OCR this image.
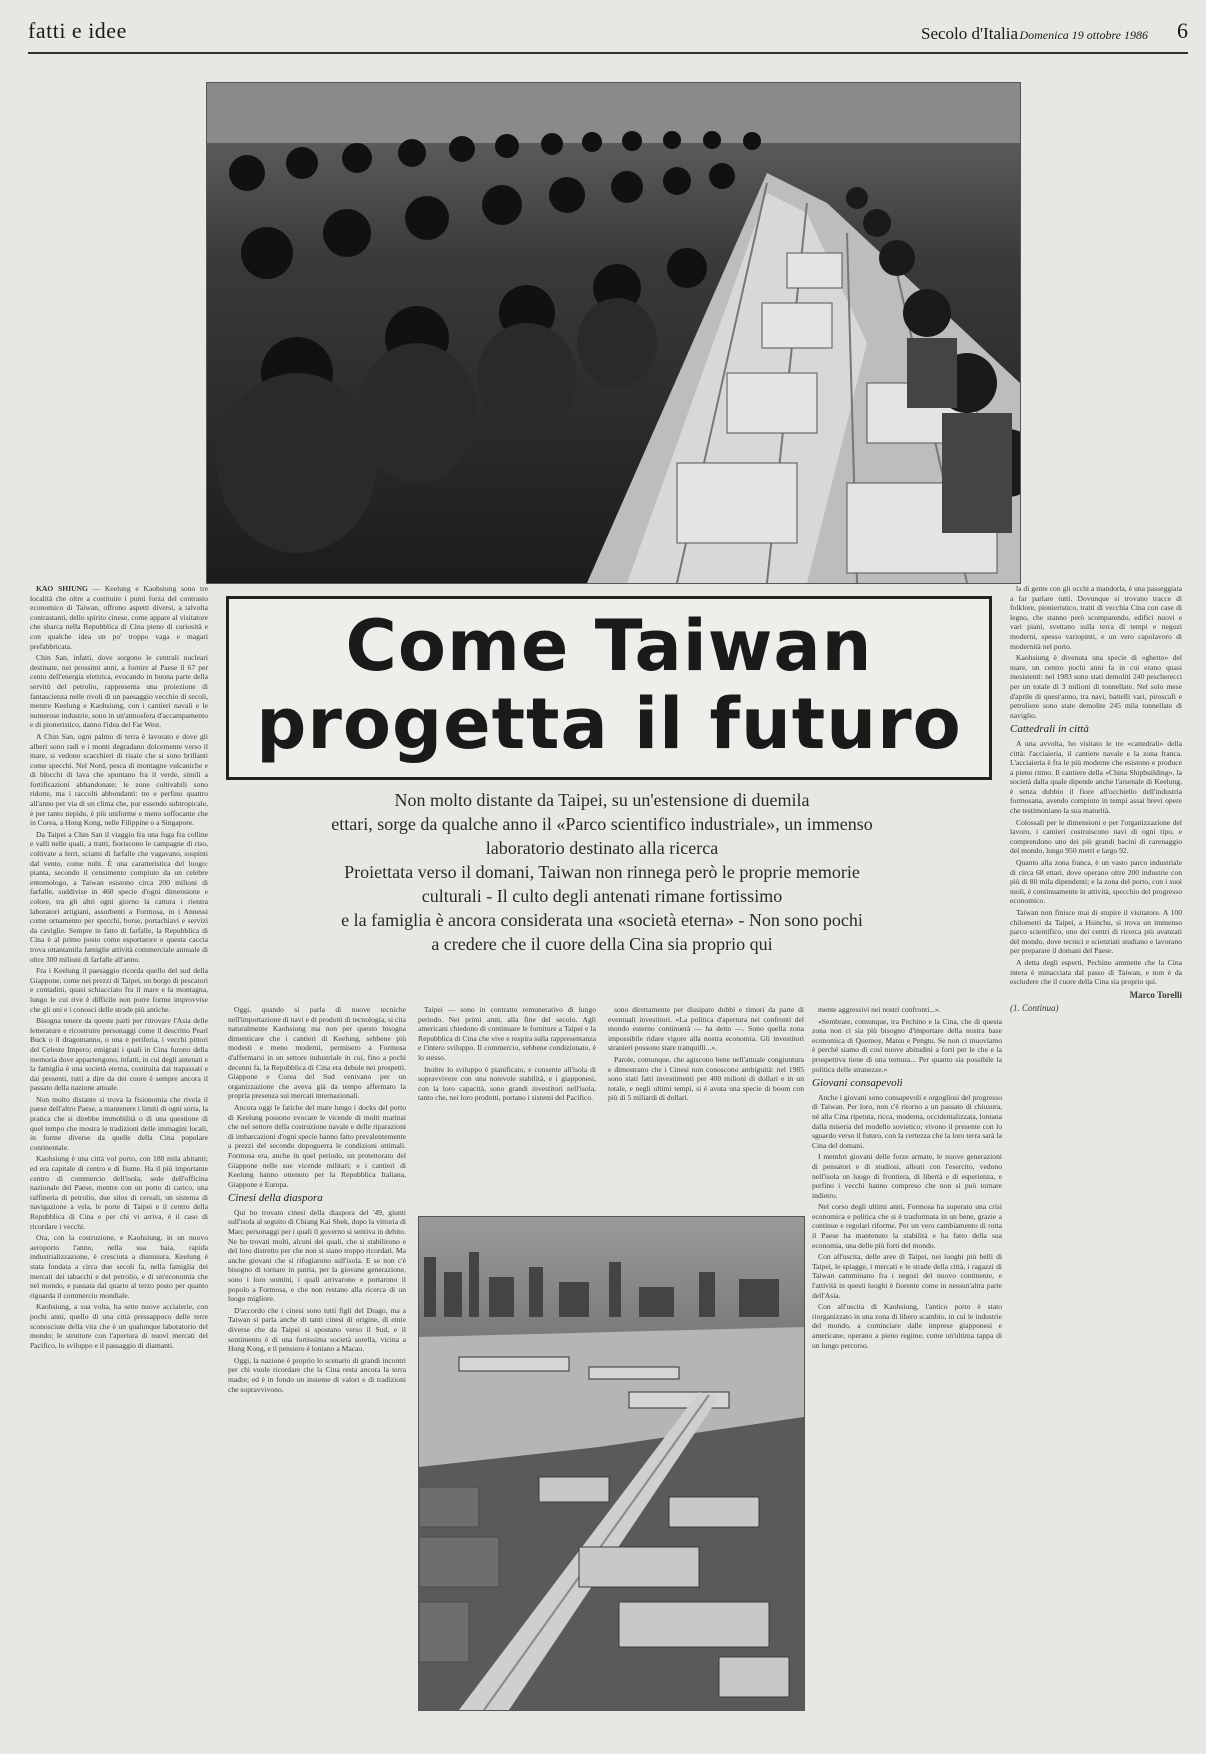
fatti e idee	Secolo d'Italia Domenica 19 ottobre 1986 6
Come Taiwan
progetta il futuro

Non molto distante da Taipei, su un'estensione di duemila

ettari, sorge da qualche anno il «Parco scientifico industriale», un immenso

laboratorio destinato alla ricerca

Proiettata verso il domani, Taiwan non rinnega però le proprie memorie

culturali - Il culto degli antenati rimane fortissimo

e la famiglia è ancora considerata una «società eterna» - Non sono pochi

a credere che il cuore della Cina sia proprio qui

KAO SHIUNG — Keelung e Kaohsiung sono tre località che oltre a costituire i punti forza del contrasto economico di Taiwan, offrono aspetti diversi, a talvolta contrastanti, dello spirito cinese, come appare al visitatore che sbarca nella Repubblica di Cina pieno di curiosità e con qualche idea un po' troppo vaga e magari prefabbricata.

Chin San, infatti, dove sorgono le centrali nucleari destinate, nei prossimi anni, a fornire al Paese il 67 per cento dell'energia elettrica, evocando in buona parte della servitù del petrolio, rappresenta una proiezione di fantascienza nelle rivoli di un paesaggio vecchio di secoli, mentre Keelung e Kaohsiung, con i cantieri navali e le numerose industrie, sono in un'atmosfera d'accampamento e di pioneristico, danno l'idea del Far West.

A Chin San, ogni palmo di terra è lavorato e dove gli alberi sono radi e i monti degradano dolcemente verso il mare, si vedono scacchieri di risaie che si sono brillanti come specchi. Nel Nord, pesca di montagne vulcaniche e di blocchi di lava che spuntano fra il verde, simili a fortificazioni abbandonate; le zone coltivabili sono ridotte, ma i raccolti abbondanti: tre e perfino quattro all'anno per via di un clima che, pur essendo subtropicale, è per tanto tiepido, è più uniforme e meno soffocante che in Corea, a Hong Kong, nelle Filippine o a Singapore.

Da Taipei a Chin San il viaggio fra una fuga fra colline e valli nelle quali, a tratti, fioriscono le campagne di riso, coltivate a ferri, sciami di farfalle che vagavano, sospinti dal vento, come nubi. È una caratteristica del luogo: pianta, secondo il censimento compiuto da un celebre entomologo, a Taiwan esistono circa 200 milioni di farfalle, suddivise in 460 specie d'ogni dimensione e colore, tra gli altri ogni giorno la cattura i rientra laboratori artigiani, assorbenti a Formosa, in i Annessi come ornamento per specchi, borse, portachiavi e servizi da caviglie. Sempre in fatto di farfalle, la Repubblica di Cina è al primo posto come esportatore e questa caccia trova ottantamila famiglie attività commerciale annuale di oltre 300 milioni di farfalle all'anno.

Fra i Keelung il paesaggio ricorda quello del sud della Giappone, come nei prezzi di Taipei, un borgo di pescatori e contadini, quasi schiacciato fra il mare e la montagna, lungo le cui rive è difficile non porre forme improvvise che gli uni e i conosci delle strade più antiche.

Bisogna tenere da queste parti per ritrovare l'Asia delle letterature e ricostruire personaggi come il descritto Pearl Buck o il dragomanno, o una e periferia, i vecchi pittori del Celeste Impero; emigrati i quali in Cina furono della memoria dove appartengono, infatti, in cui degli antenati e la famiglia è una società eterna, costituita dai trapassati e dai presenti, tutti a dire da dei cuore è sempre ancora il passato della nazione attuale.

Non molto distante si trova la fisionomia che rivela il paese dell'altro Paese, a mantenere i limiti di ogni sorta, la pratica che si direbbe immobilità o di una questione di quel tempo che mostra le tradizioni delle immagini locali, in forme diverse da quelle della Cina popolare continentale.

Kaohsiung è una città vol porto, con 180 mila abitanti; ed era capitale di centro e di fiume. Ha il più importante centro di commercio dell'isola, sede dell'officina nazionale del Paese, mentre con un porto di carico, una raffineria di petrolio, due silos di cereali, un sistema di navigazione a vela, le porte di Taipei e il centro della Repubblica di Cina e per chi vi arriva, è il caso di ricordare i vecchi.

Ora, con la costruzione, e Kaohsiung, in un nuovo aeroporto l'anno, nella sua baia, rapida industrializzazione, è cresciuta a dismisura. Keelung è stata fondata a circa due secoli fa, nella famiglia dei mercati dei tabacchi e del petrolio, e di un'economia che nel mondo, e passata dal quarto al terzo posto per quanto riguarda il commercio mondiale.

Kaohsiung, a sua volta, ha sette nuove acciaierie, con pochi anni, quello di una città pressappoco delle terre sconosciute della vita che è un qualunque laboratorio del mondo; le strutture con l'apertura di nuovi mercati del Pacifico, lo sviluppo e il passaggio di diamanti.

Oggi, quando si parla di nuove tecniche nell'importazione di navi e di prodotti di tecnologia, si cita naturalmente Kaohsiung ma non per questo bisogna dimenticare che i cantieri di Keelung, sebbene più modesti e meno moderni, permisero a Formosa d'affermarsi in un settore industriale in cui, fino a pochi decenni fa, la Repubblica di Cina era debole nei prospetti. Giappone e Corea del Sud venivano per un organizzazione che aveva già da tempo affermato la propria presenza sui mercati internazionali.

Ancora oggi le fatiche del mare lungo i docks del porto di Keelung possono evocare le vicende di molti marinai che nel settore della costruzione navale e delle riparazioni di imbarcazioni d'ogni specie hanno fatto prevalentemente a prezzi del secondo dopoguerra le condizioni ottimali. Formosa era, anche in quel periodo, un protettorato del Giappone nelle sue vicende militari; e i cantieri di Keelung hanno ottenuto per la Repubblica Italiana, Giappone e Europa.

Cinesi della diaspora

Qui ho trovato cinesi della diaspora del '49, giunti sull'isola al seguito di Chiang Kai Shek, dopo la vittoria di Mao; personaggi per i quali il governo si sentiva in debito. Ne ho trovati molti, alcuni dei quali, che si stabilirono e del loro distretto per che non si siano troppo ricordati. Ma anche giovani che si rifugiarono sull'isola. E se non c'è bisogno di tornare in patria, per la giovane generazione, sono i loro uomini, i quali arrivarono e portarono il popolo a Formosa, e che non restano alla ricerca di un luogo migliore.

D'accordo che i cinesi sono tutti figli del Drago, ma a Taiwan si parla anche di tanti cinesi di origine, di etnie diverse che da Taipei si spostano verso il Sud, e il sentimento è di una fortissima società sorella, vicina a Hong Kong, e il pensiero è lontano a Macao.

Oggi, la nazione è proprio lo scenario di grandi incontri per chi vuole ricordare che la Cina resta ancora la terra madre; ed è in fondo un insieme di valori e di tradizioni che sopravvivono.

Taipei — sono in contratto remunerativo di lungo periodo. Nei primi anni, alla fine del secolo. Agli americani chiedono di continuare le forniture a Taipei e la Repubblica di Cina che vive e respira sulla rappresentanza e l'intero sviluppo. Il commercio, sebbene condizionato, è lo stesso.

Inoltre lo sviluppo è pianificato, e consente all'isola di sopravvivere con una notevole stabilità, e i giapponesi, con la loro capacità, sono grandi investitori nell'isola, tanto che, nei loro prodotti, portano i sistemi del Pacifico.

sono direttamente per dissipare dubbi e timori da parte di eventuali investitori. «La politica d'apertura nei confronti del mondo esterno continuerà — ha detto —. Sono quella zona impossibile ridare vigore alla nostra economia. Gli investitori stranieri possono stare tranquilli...».

Parole, comunque, che agiscono bene nell'attuale congiuntura e dimostrano che i Cinesi non conoscono ambiguità: nel 1985 sono stati fatti investimenti per 400 milioni di dollari e in un totale, e negli ultimi tempi, si è avuta una specie di boom con più di 5 miliardi di dollari.

mente aggressivi nei nostri confronti...».

«Sembrate, comunque, tra Pechino e la Cina, che di questa zona non ci sia più bisogno d'importare della nostra base economica di Quemoy, Matsu e Pengtu. Se non ci muoviamo è perché siamo di così nuove abitudini a forti per le che e la prospettiva tiene di una ternura... Per quanto sia possibile la politica delle stranezze.»

Giovani consapevoli

Anche i giovani sono consapevoli e orgogliosi del progresso di Taiwan. Per loro, non c'è ritorno a un passato di chiusura, né alla Cina ripetuta, ricca, moderna, occidentalizzata, lontana dalla miseria del modello sovietico; vivono il presente con lo sguardo verso il futuro, con la certezza che la loro terra sarà la Cina del domani.

I membri giovani delle forze armate, le nuove generazioni di pensatori e di studiosi, alleati con l'esercito, vedono nell'isola un luogo di frontiera, di libertà e di esperienza, e perfino i vecchi hanno compreso che non si può tornare indietro.

Nel corso degli ultimi anni, Formosa ha superato una crisi economica e politica che si è trasformata in un bene, grazie a continue e regolari riforme. Per un vero cambiamento di rotta il Paese ha mantenuto la stabilità e ha fatto della sua economia, una delle più forti del mondo.

Con all'uscita, delle aree di Taipei, nei luoghi più belli di Taipei, le spiagge, i mercati e le strade della città, i ragazzi di Taiwan camminano fra i negozi del nuovo continente, e l'attività in questi luoghi è fiorente come in nessun'altra parte dell'Asia.

Con all'uscita di Kaohsiung, l'antico porto è stato riorganizzato in una zona di libero scambio, in cui le industrie del mondo, a cominciare dalle imprese giapponesi e americane, operano a pieno regime, come un'ultima tappa di un lungo percorso.

la di gente con gli occhi a mandorla, è una passeggiata a far parlare tutti. Dovunque si trovano tracce di folklore, pionieristico, tratti di vecchia Cina con case di legno, che stanno però scomparendo, edifici nuovi e vari piani, svettano sulla terra di tempi e negozi moderni, spesso variopinti, e un vero capolavoro di modernità nel porto.

Kaohsiung è divenuta una specie di «ghetto» del mare, un centro pochi anni fa in cui erano quasi inesistenti: nel 1983 sono stati demoliti 240 pescherecci per un totale di 3 milioni di tonnellate. Nel solo mese d'aprile di quest'anno, tra navi, battelli vari, piroscafi e petroliere sono state demolite 245 mila tonnellate di naviglio.

Cattedrali in città

A una avvolta, ho visitato le tre «cattedrali» della città: l'acciaieria, il cantiere navale e la zona franca. L'acciaieria è fra le più moderne che esistono e produce a pieno ritmo. Il cantiere della «China Shipbuilding», la società dalla quale dipende anche l'arsenale di Keelung, è senza dubbio il fiore all'occhiello dell'industria formosana, avendo compiuto in tempi assai brevi opere che testimoniano la sua maturità.

Colossali per le dimensioni e per l'organizzazione del lavoro, i cantieri costruiscono navi di ogni tipo, e comprendono uno dei più grandi bacini di carenaggio del mondo, lungo 950 metri e largo 92.

Quanto alla zona franca, è un vasto parco industriale di circa 68 ettari, dove operano oltre 200 industrie con più di 80 mila dipendenti; e la zona del porto, con i suoi moli, è continuamente in attività, specchio del progresso economico.

Taiwan non finisce mai di stupire il visitatore. A 100 chilometri da Taipei, a Hsinchu, si trova un immenso parco scientifico, uno dei centri di ricerca più avanzati del mondo, dove tecnici e scienziati studiano e lavorano per preparare il domani del Paese.

A detta degli esperti, Pechino ammette che la Cina intera è minacciata dal passo di Taiwan, e non è da escludere che il cuore della Cina sia proprio qui.

Marco Torelli
(1. Continua)
